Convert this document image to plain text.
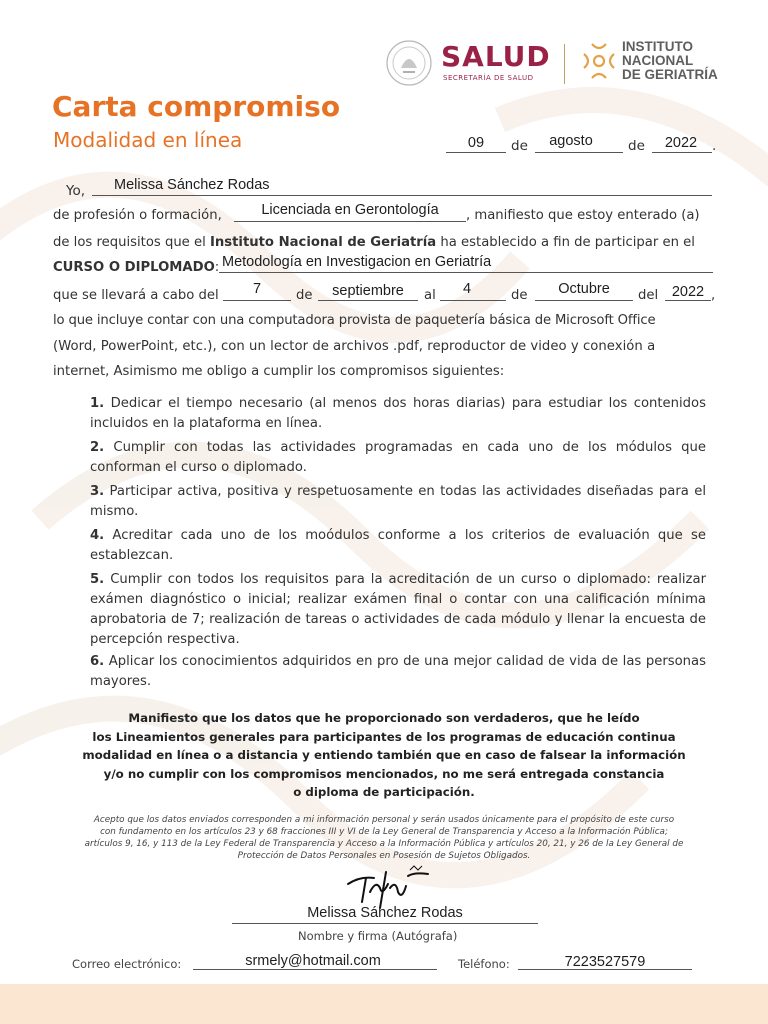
SALUD
SECRETARÍA DE SALUD
INSTITUTO
NACIONAL
DE GERIATRÍA
Carta compromiso
Modalidad en línea	09	de	agosto	de	2022	.
Yo, Melissa Sánchez Rodas
de profesión o formación,	Licenciada en Gerontología	, manifiesto que estoy enterado (a)
de los requisitos que el Instituto Nacional de Geriatría ha establecido a fin de participar en el
CURSO O DIPLOMADO: Metodología en Investigacion en Geriatría
que se llevará a cabo del	7	de	septiembre	al	4	de	Octubre	del 2022 ,
lo que incluye contar con una computadora provista de paquetería básica de Microsoft Office
(Word, PowerPoint, etc.), con un lector de archivos .pdf, reproductor de video y conexión a
internet, Asimismo me obligo a cumplir los compromisos siguientes:
1. Dedicar el tiempo necesario (al menos dos horas diarias) para estudiar los contenidos incluidos en la plataforma en línea.
2. Cumplir con todas las actividades programadas en cada uno de los módulos que conforman el curso o diplomado.
3. Participar activa, positiva y respetuosamente en todas las actividades diseñadas para el mismo.
4. Acreditar cada uno de los moódulos conforme a los criterios de evaluación que se establezcan.
5. Cumplir con todos los requisitos para la acreditación de un curso o diplomado: realizar exámen diagnóstico o inicial; realizar exámen final o contar con una calificación mínima aprobatoria de 7; realización de tareas o actividades de cada módulo y llenar la encuesta de percepción respectiva.
6. Aplicar los conocimientos adquiridos en pro de una mejor calidad de vida de las personas mayores.
Manifiesto que los datos que he proporcionado son verdaderos, que he leído
los Lineamientos generales para participantes de los programas de educación continua
modalidad en línea o a distancia y entiendo también que en caso de falsear la información
y/o no cumplir con los compromisos mencionados, no me será entregada constancia
o diploma de participación.
Acepto que los datos enviados corresponden a mi información personal y serán usados únicamente para el propósito de este curso
con fundamento en los artículos 23 y 68 fracciones III y VI de la Ley General de Transparencia y Acceso a la Información Pública;
artículos 9, 16, y 113 de la Ley Federal de Transparencia y Acceso a la Información Pública y artículos 20, 21, y 26 de la Ley General de
Protección de Datos Personales en Posesión de Sujetos Obligados.
Melissa Sánchez Rodas
Nombre y firma (Autógrafa)
Correo electrónico:	srmely@hotmail.com	Teléfono:	7223527579
